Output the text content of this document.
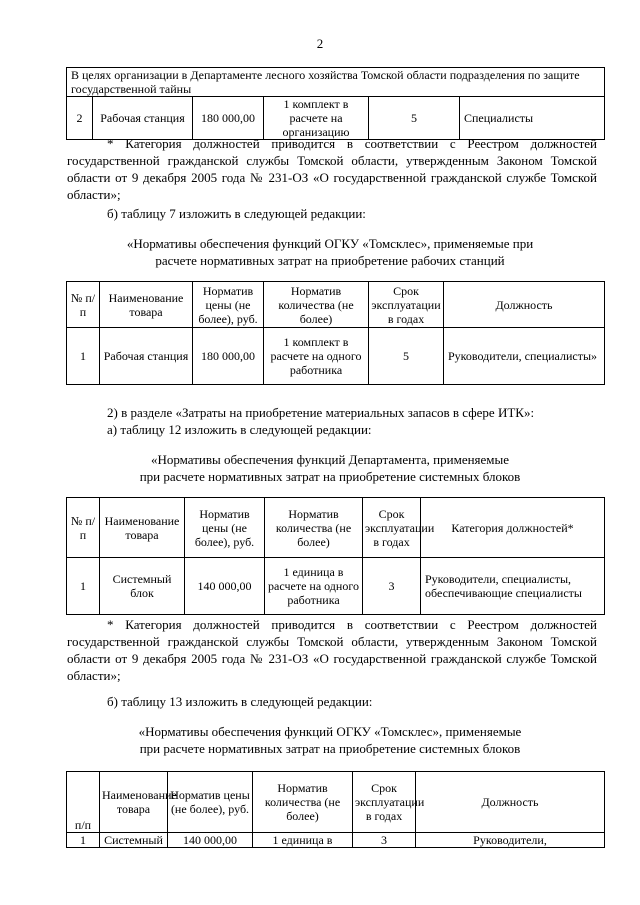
2
В целях организации в Департаменте лесного хозяйства Томской области подразделения по защите государственной тайны
2	Рабочая станция	180 000,00	1 комплект в расчете на организацию	5	Специалисты
* Категория должностей приводится в соответствии с Реестром должностей государственной гражданской службы Томской области, утвержденным Законом Томской области от 9 декабря 2005 года № 231-ОЗ «О государственной гражданской службе Томской области»;
б) таблицу 7 изложить в следующей редакции:
«Нормативы обеспечения функций ОГКУ «Томсклес», применяемые при
расчете нормативных затрат на приобретение рабочих станций
№ п/п	Наименование товара	Норматив цены (не более), руб.	Норматив количества (не более)	Срок эксплуатации в годах	Должность
1	Рабочая станция	180 000,00	1 комплект в расчете на одного работника	5	Руководители, специалисты»
2) в разделе «Затраты на приобретение материальных запасов в сфере ИТК»:
а) таблицу 12 изложить в следующей редакции:
«Нормативы обеспечения функций Департамента, применяемые
при расчете нормативных затрат на приобретение системных блоков
№ п/п	Наименование товара	Норматив цены (не более), руб.	Норматив количества (не более)	Срок эксплуатации в годах	Категория должностей*
1	Системный блок	140 000,00	1 единица в расчете на одного работника	3	Руководители, специалисты, обеспечивающие специалисты
* Категория должностей приводится в соответствии с Реестром должностей государственной гражданской службы Томской области, утвержденным Законом Томской области от 9 декабря 2005 года № 231-ОЗ «О государственной гражданской службе Томской области»;
б) таблицу 13 изложить в следующей редакции:
«Нормативы обеспечения функций ОГКУ «Томсклес», применяемые
при расчете нормативных затрат на приобретение системных блоков
п/п	Наименование товара	Норматив цены (не более), руб.	Норматив количества (не более)	Срок эксплуатации в годах	Должность
1	Системный	140 000,00	1 единица в	3	Руководители,
